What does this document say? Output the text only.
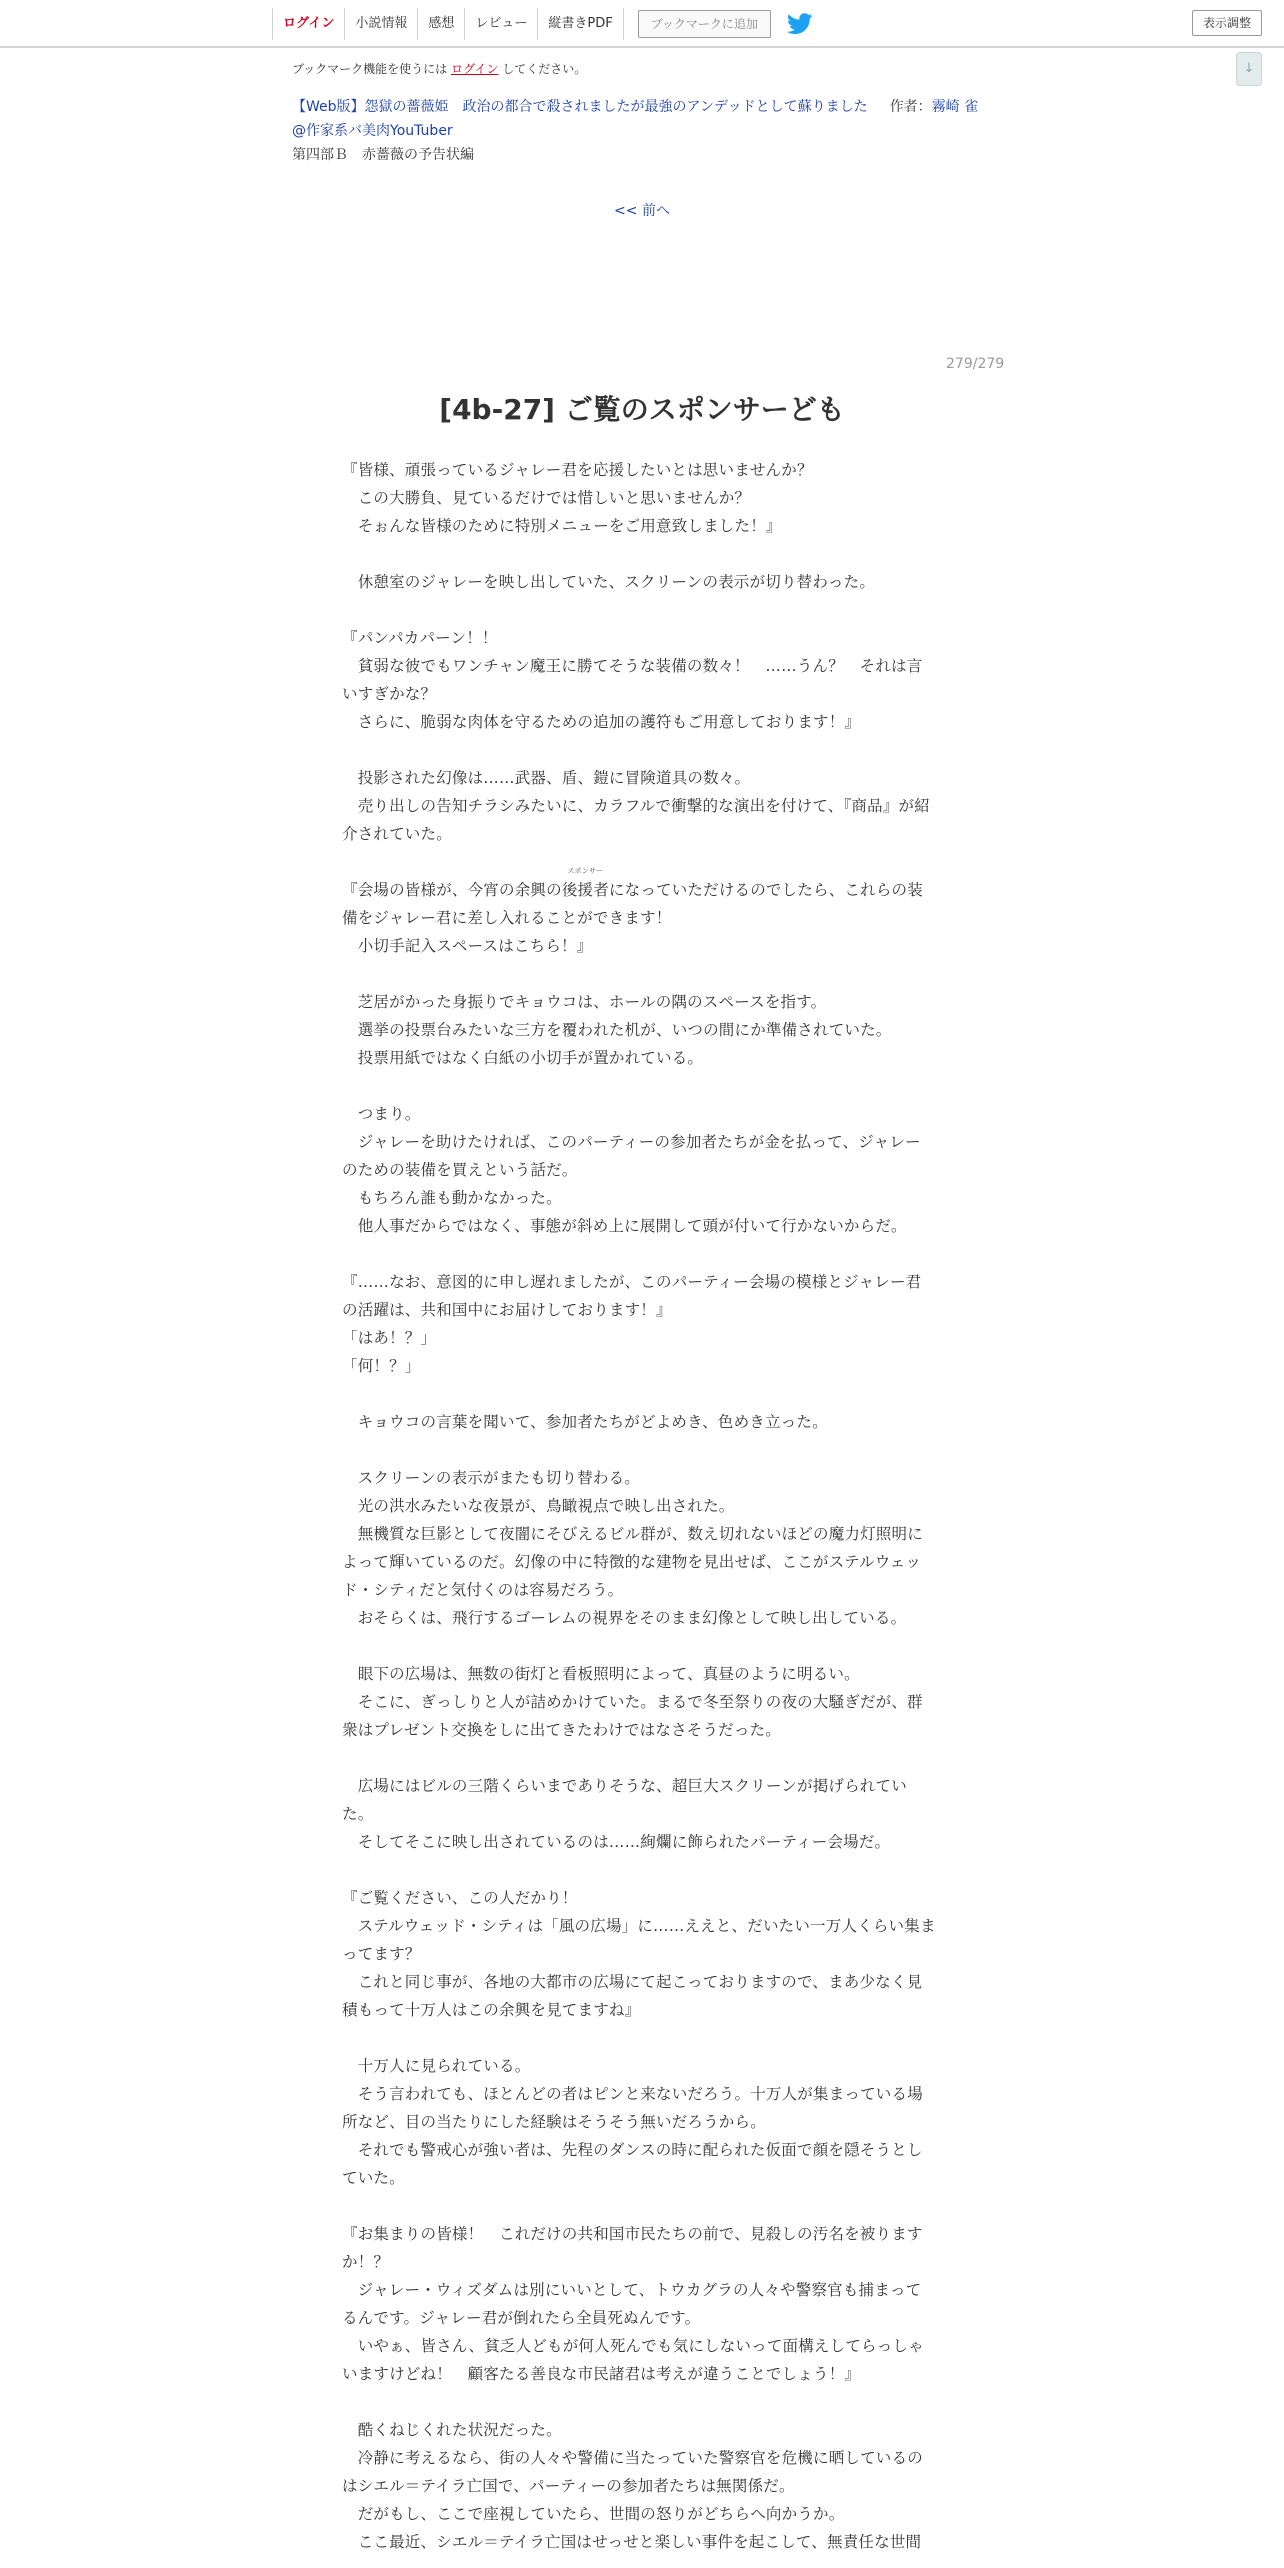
ログイン	小説情報	感想	レビュー	縦書きPDF	ブックマークに追加	表示調整
↓
ブックマーク機能を使うには ログイン してください。
【Web版】怨獄の薔薇姫　政治の都合で殺されましたが最強のアンデッドとして蘇りました 作者：霧崎 雀
@作家系バ美肉YouTuber
第四部Ｂ　赤薔薇の予告状編
<< 前へ
279/279
[4b-27] ご覧のスポンサーども

『皆様、頑張っているジャレー君を応援したいとは思いませんか？

　この大勝負、見ているだけでは惜しいと思いませんか？

　そぉんな皆様のために特別メニューをご用意致しました！』

　休憩室のジャレーを映し出していた、スクリーンの表示が切り替わった。

『パンパカパーン！！

　貧弱な彼でもワンチャン魔王に勝てそうな装備の数々！　……うん？　それは言いすぎかな？

　さらに、脆弱な肉体を守るための追加の護符もご用意しております！』

　投影された幻像は……武器、盾、鎧に冒険道具の数々。

　売り出しの告知チラシみたいに、カラフルで衝撃的な演出を付けて、『商品』が紹介されていた。

『会場の皆様が、今宵の余興の
スポンサー
後援者になっていただけるのでしたら、これらの装備をジャレー君に差し入れることができます！

　小切手記入スペースはこちら！』

　芝居がかった身振りでキョウコは、ホールの隅のスペースを指す。

　選挙の投票台みたいな三方を覆われた机が、いつの間にか準備されていた。

　投票用紙ではなく白紙の小切手が置かれている。

　つまり。

　ジャレーを助けたければ、このパーティーの参加者たちが金を払って、ジャレーのための装備を買えという話だ。

　もちろん誰も動かなかった。

　他人事だからではなく、事態が斜め上に展開して頭が付いて行かないからだ。

『……なお、意図的に申し遅れましたが、このパーティー会場の模様とジャレー君の活躍は、共和国中にお届けしております！』

「はあ！？」

「何！？」

　キョウコの言葉を聞いて、参加者たちがどよめき、色めき立った。

　スクリーンの表示がまたも切り替わる。

　光の洪水みたいな夜景が、鳥瞰視点で映し出された。

　無機質な巨影として夜闇にそびえるビル群が、数え切れないほどの魔力灯照明によって輝いているのだ。幻像の中に特徴的な建物を見出せば、ここがステルウェッド・シティだと気付くのは容易だろう。

　おそらくは、飛行するゴーレムの視界をそのまま幻像として映し出している。

　眼下の広場は、無数の街灯と看板照明によって、真昼のように明るい。

　そこに、ぎっしりと人が詰めかけていた。まるで冬至祭りの夜の大騒ぎだが、群衆はプレゼント交換をしに出てきたわけではなさそうだった。

　広場にはビルの三階くらいまでありそうな、超巨大スクリーンが掲げられていた。

　そしてそこに映し出されているのは……絢爛に飾られたパーティー会場だ。

『ご覧ください、この人だかり！

　ステルウェッド・シティは「風の広場」に……ええと、だいたい一万人くらい集まってます？

　これと同じ事が、各地の大都市の広場にて起こっておりますので、まあ少なく見積もって十万人はこの余興を見てますね』

　十万人に見られている。

　そう言われても、ほとんどの者はピンと来ないだろう。十万人が集まっている場所など、目の当たりにした経験はそうそう無いだろうから。

　それでも警戒心が強い者は、先程のダンスの時に配られた仮面で顔を隠そうとしていた。

『お集まりの皆様！　これだけの共和国市民たちの前で、見殺しの汚名を被りますか！？

　ジャレー・ウィズダムは別にいいとして、トウカグラの人々や警察官も捕まってるんです。ジャレー君が倒れたら全員死ぬんです。

　いやぁ、皆さん、貧乏人どもが何人死んでも気にしないって面構えしてらっしゃいますけどね！　顧客たる善良な市民諸君は考えが違うことでしょう！』

　酷くねじくれた状況だった。

　冷静に考えるなら、街の人々や警備に当たっていた警察官を危機に晒しているのはシエル＝テイラ亡国で、パーティーの参加者たちは無関係だ。

　だがもし、ここで座視していたら、世間の怒りがどちらへ向かうか。

　ここ最近、シエル＝テイラ亡国はせっせと楽しい事件を起こして、無責任な世間
